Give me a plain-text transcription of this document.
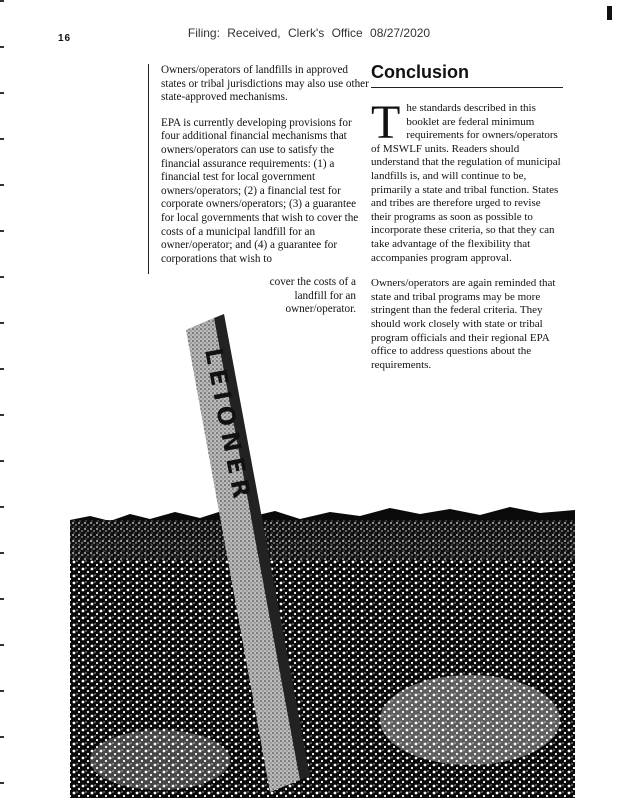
16	Filing: Received, Clerk's Office 08/27/2020
LEIONER

Owners/operators of landfills in approved states or tribal jurisdictions may also use other state-approved mechanisms.

EPA is currently developing provisions for four additional financial mechanisms that owners/operators can use to satisfy the financial assurance requirements: (1) a financial test for local government owners/operators; (2) a financial test for corporate owners/operators; (3) a guarantee for local governments that wish to cover the costs of a municipal landfill for an owner/operator; and (4) a guarantee for corporations that wish to

cover the costs of a landfill for an owner/operator.
Conclusion

The standards described in this booklet are federal minimum requirements for owners/operators of MSWLF units. Readers should understand that the regulation of municipal landfills is, and will continue to be, primarily a state and tribal function. States and tribes are therefore urged to revise their programs as soon as possible to incorporate these criteria, so that they can take advantage of the flexibility that accompanies program approval.

Owners/operators are again reminded that state and tribal programs may be more stringent than the federal criteria. They should work closely with state or tribal program officials and their regional EPA office to address questions about the requirements.
